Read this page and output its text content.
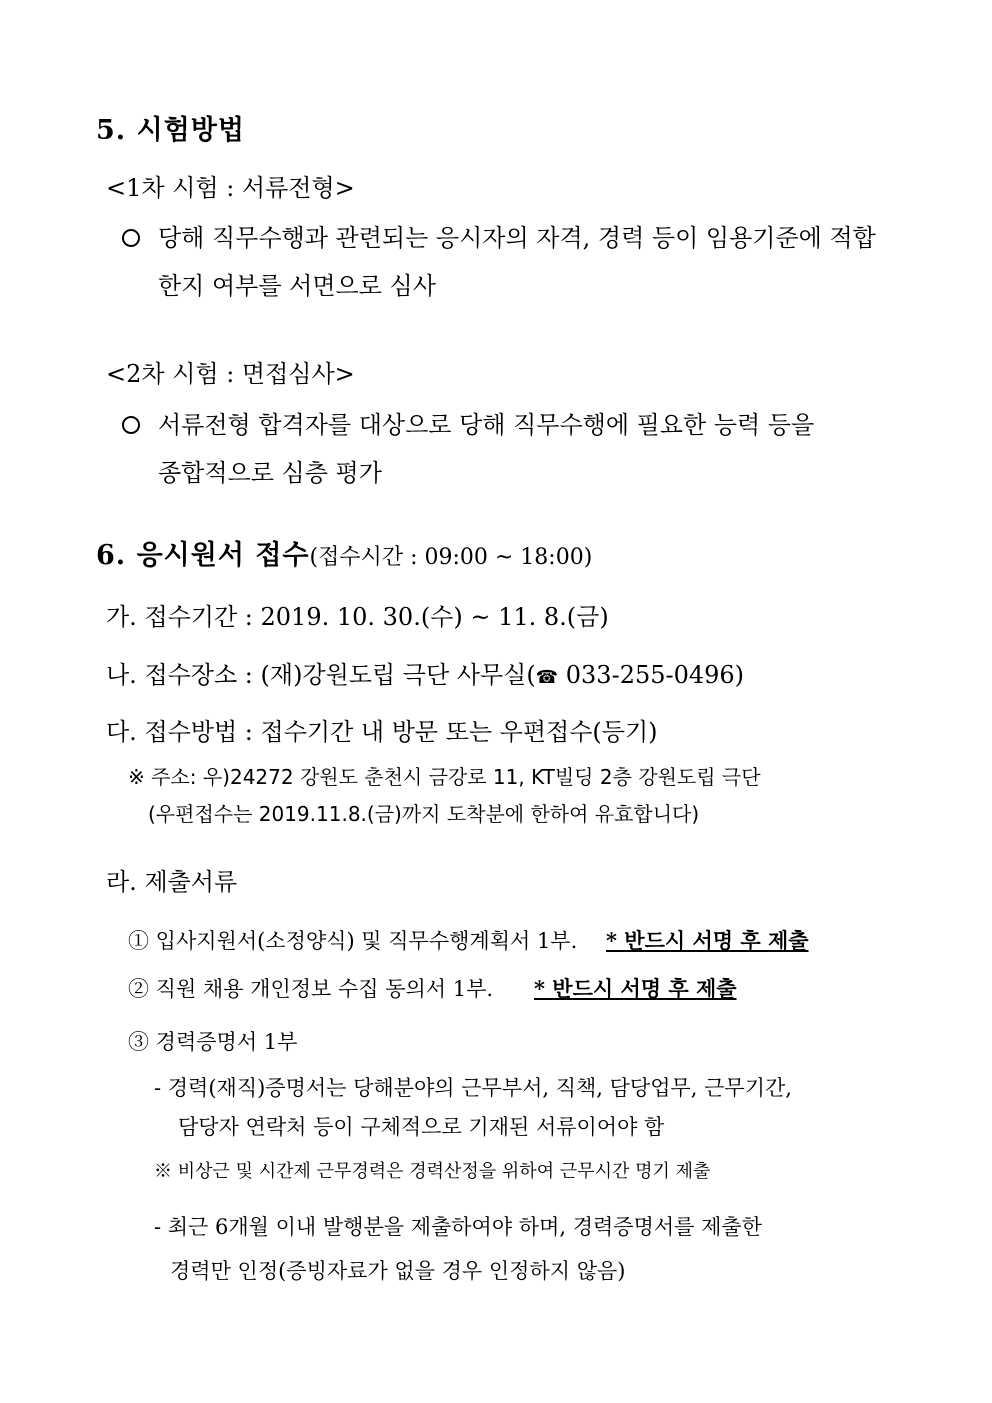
5. 시험방법
<1차 시험 : 서류전형>
당해 직무수행과 관련되는 응시자의 자격, 경력 등이 임용기준에 적합
한지 여부를 서면으로 심사
<2차 시험 : 면접심사>
서류전형 합격자를 대상으로 당해 직무수행에 필요한 능력 등을
종합적으로 심층 평가
6. 응시원서 접수(접수시간 : 09:00 ~ 18:00)
가. 접수기간 : 2019. 10. 30.(수) ~ 11. 8.(금)
나. 접수장소 : (재)강원도립 극단 사무실(☎ 033-255-0496)
다. 접수방법 : 접수기간 내 방문 또는 우편접수(등기)
※ 주소: 우)24272 강원도 춘천시 금강로 11, KT빌딩 2층 강원도립 극단
(우편접수는 2019.11.8.(금)까지 도착분에 한하여 유효합니다)
라. 제출서류
① 입사지원서(소정양식) 및 직무수행계획서 1부. * 반드시 서명 후 제출
② 직원 채용 개인정보 수집 동의서 1부. * 반드시 서명 후 제출
③ 경력증명서 1부
- 경력(재직)증명서는 당해분야의 근무부서, 직책, 담당업무, 근무기간,
담당자 연락처 등이 구체적으로 기재된 서류이어야 함
※ 비상근 및 시간제 근무경력은 경력산정을 위하여 근무시간 명기 제출
- 최근 6개월 이내 발행분을 제출하여야 하며, 경력증명서를 제출한
경력만 인정(증빙자료가 없을 경우 인정하지 않음)
